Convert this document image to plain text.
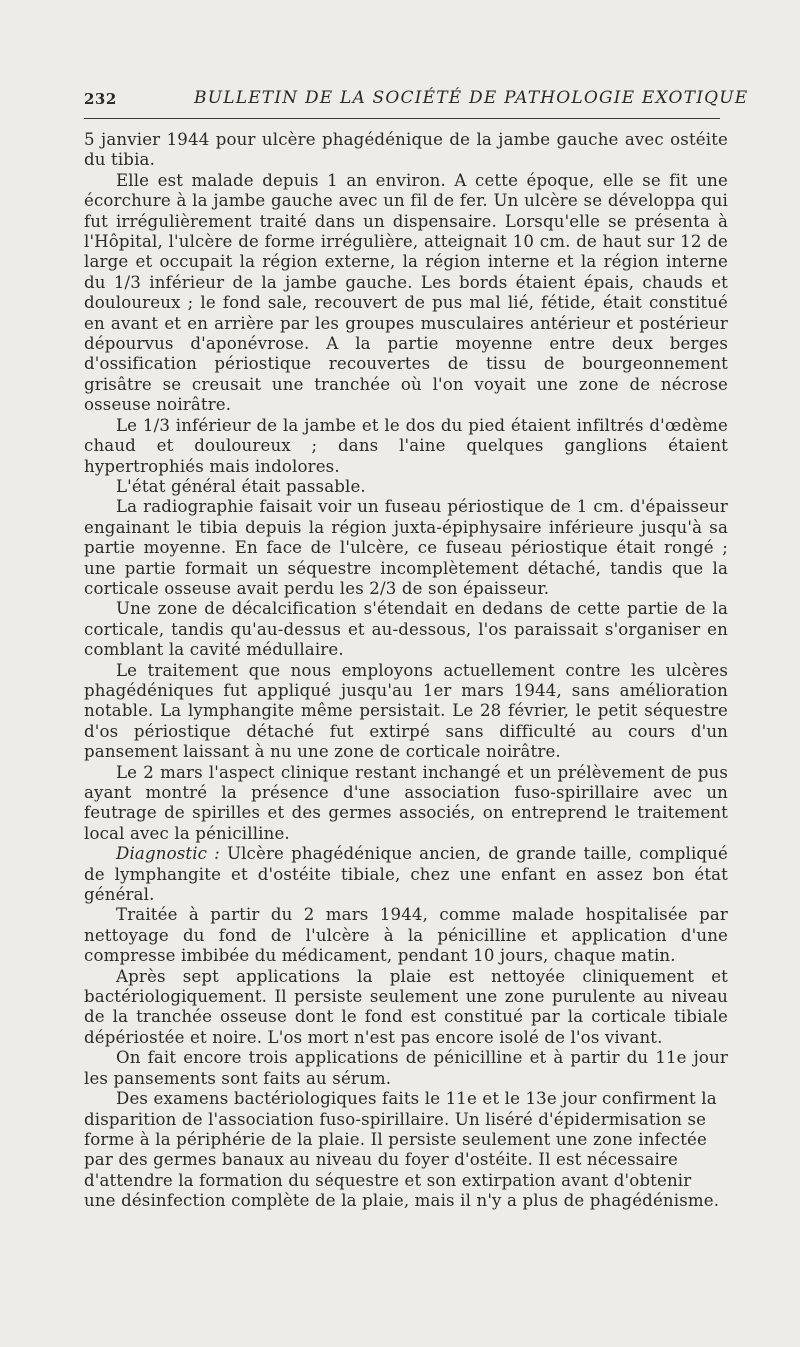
232	BULLETIN DE LA SOCIÉTÉ DE PATHOLOGIE EXOTIQUE

5 janvier 1944 pour ulcère phagédénique de la jambe gauche avec ostéite du tibia.

Elle est malade depuis 1 an environ. A cette époque, elle se fit une écorchure à la jambe gauche avec un fil de fer. Un ulcère se développa qui fut irrégulièrement traité dans un dispensaire. Lorsqu'elle se présenta à l'Hôpital, l'ulcère de forme irrégulière, atteignait 10 cm. de haut sur 12 de large et occupait la région externe, la région interne et la région interne du 1/3 inférieur de la jambe gauche. Les bords étaient épais, chauds et douloureux ; le fond sale, recouvert de pus mal lié, fétide, était constitué en avant et en arrière par les groupes musculaires antérieur et postérieur dépourvus d'aponévrose. A la partie moyenne entre deux berges d'ossification périostique recouvertes de tissu de bourgeonnement grisâtre se creusait une tranchée où l'on voyait une zone de nécrose osseuse noirâtre.

Le 1/3 inférieur de la jambe et le dos du pied étaient infiltrés d'œdème chaud et douloureux ; dans l'aine quelques ganglions étaient hypertrophiés mais indolores.

L'état général était passable.

La radiographie faisait voir un fuseau périostique de 1 cm. d'épaisseur engainant le tibia depuis la région juxta-épiphysaire inférieure jusqu'à sa partie moyenne. En face de l'ulcère, ce fuseau périostique était rongé ; une partie formait un séquestre incomplètement détaché, tandis que la corticale osseuse avait perdu les 2/3 de son épaisseur.

Une zone de décalcification s'étendait en dedans de cette partie de la corticale, tandis qu'au-dessus et au-dessous, l'os paraissait s'organiser en comblant la cavité médullaire.

Le traitement que nous employons actuellement contre les ulcères phagédéniques fut appliqué jusqu'au 1er mars 1944, sans amélioration notable. La lymphangite même persistait. Le 28 février, le petit séquestre d'os périostique détaché fut extirpé sans difficulté au cours d'un pansement laissant à nu une zone de corticale noirâtre.

Le 2 mars l'aspect clinique restant inchangé et un prélèvement de pus ayant montré la présence d'une association fuso-spirillaire avec un feutrage de spirilles et des germes associés, on entreprend le traitement local avec la pénicilline.

Diagnostic : Ulcère phagédénique ancien, de grande taille, compliqué de lymphangite et d'ostéite tibiale, chez une enfant en assez bon état général.

Traitée à partir du 2 mars 1944, comme malade hospitalisée par nettoyage du fond de l'ulcère à la pénicilline et application d'une compresse imbibée du médicament, pendant 10 jours, chaque matin.

Après sept applications la plaie est nettoyée cliniquement et bactériologiquement. Il persiste seulement une zone purulente au niveau de la tranchée osseuse dont le fond est constitué par la corticale tibiale dépériostée et noire. L'os mort n'est pas encore isolé de l'os vivant.

On fait encore trois applications de pénicilline et à partir du 11e jour les pansements sont faits au sérum.

Des examens bactériologiques faits le 11e et le 13e jour confirment la disparition de l'association fuso-spirillaire. Un liséré d'épidermisation se forme à la périphérie de la plaie. Il persiste seulement une zone infectée par des germes banaux au niveau du foyer d'ostéite. Il est nécessaire d'attendre la formation du séquestre et son extirpation avant d'obtenir une désinfection complète de la plaie, mais il n'y a plus de phagédénisme.
